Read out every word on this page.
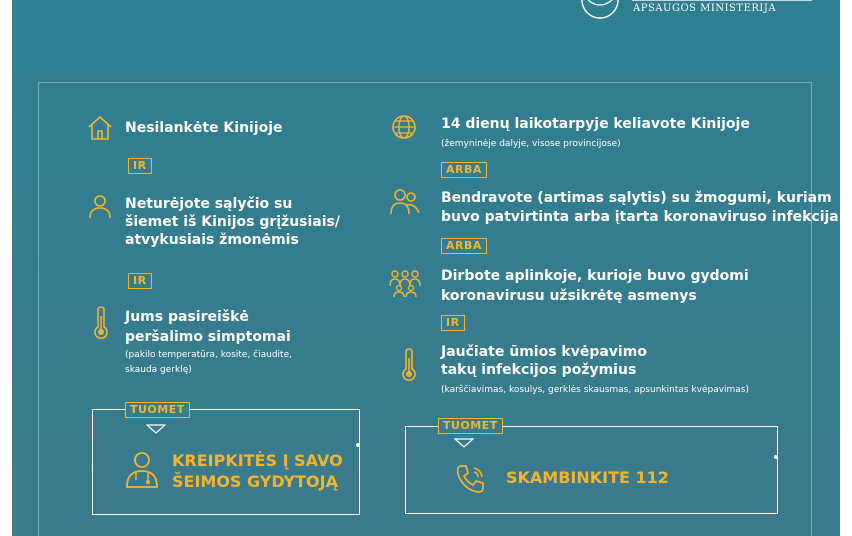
APSAUGOS MINISTERIJA
Nesilankėte Kinijoje
IR
Neturėjote sąlyčio su
šiemet iš Kinijos grįžusiais/
atvykusiais žmonėmis
IR
Jums pasireiškė
peršalimo simptomai
(pakilo temperatūra, kosite, čiaudite,
skauda gerklę)
TUOMET
KREIPKITĖS Į SAVO
ŠEIMOS GYDYTOJĄ
14 dienų laikotarpyje keliavote Kinijoje
(žemyninėje dalyje, visose provincijose)
ARBA
Bendravote (artimas sąlytis) su žmogumi, kuriam
buvo patvirtinta arba įtarta koronaviruso infekcija
ARBA
Dirbote aplinkoje, kurioje buvo gydomi
koronavirusu užsikrėtę asmenys
IR
Jaučiate ūmios kvėpavimo
takų infekcijos požymius
(karščiavimas, kosulys, gerklės skausmas, apsunkintas kvėpavimas)
TUOMET
SKAMBINKITE 112
